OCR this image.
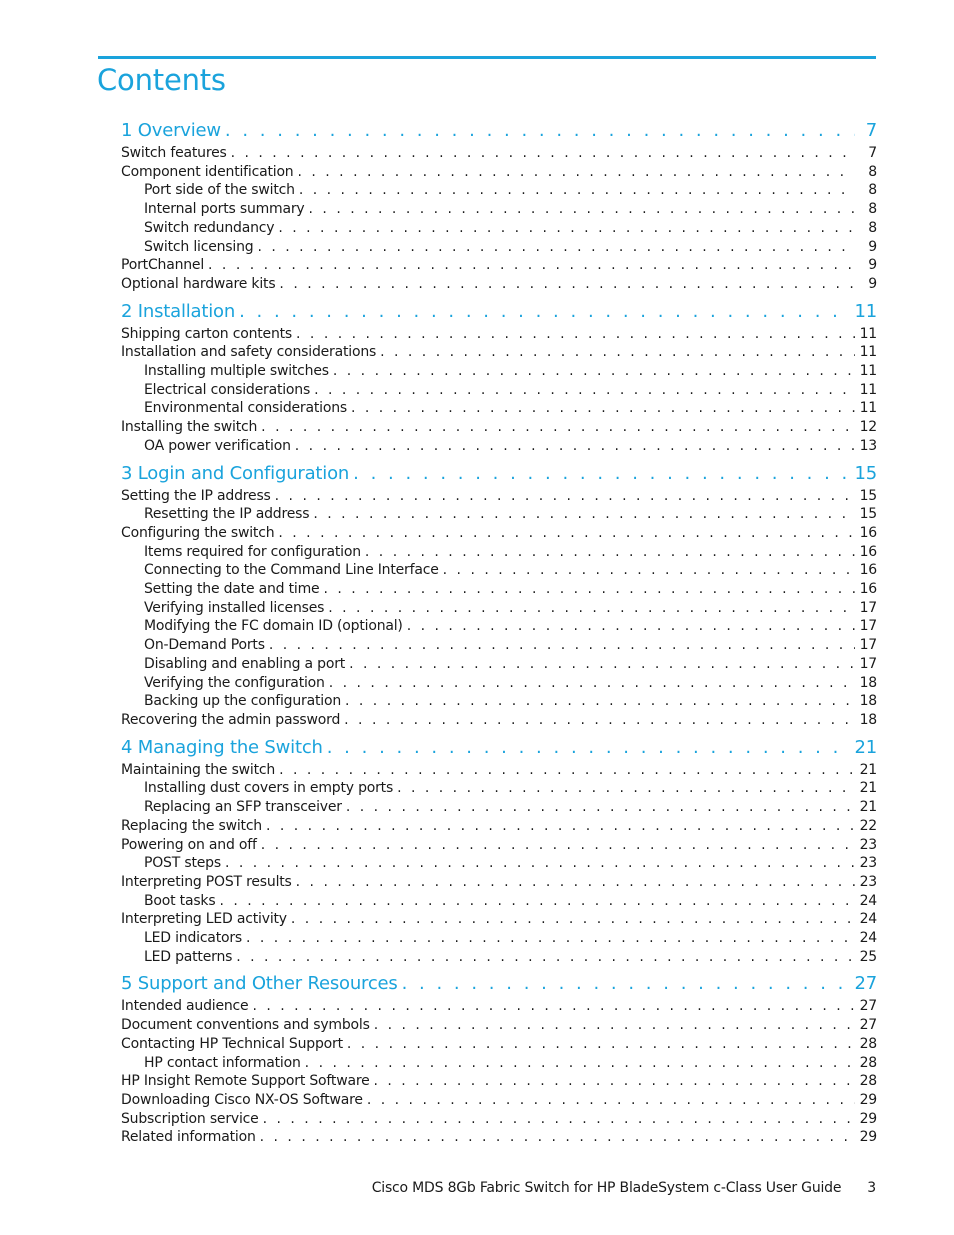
Contents
1 Overview . . .	7
Switch features . . .	7
Component identification . . .	8
Port side of the switch . . .	8
Internal ports summary . . .	8
Switch redundancy . . .	8
Switch licensing . . .	9
PortChannel . . .	9
Optional hardware kits . . .	9
2 Installation . . .	11
Shipping carton contents . . .	11
Installation and safety considerations . . .	11
Installing multiple switches . . .	11
Electrical considerations . . .	11
Environmental considerations . . .	11
Installing the switch . . .	12
OA power verification . . .	13
3 Login and Configuration . . .	15
Setting the IP address . . .	15
Resetting the IP address . . .	15
Configuring the switch . . .	16
Items required for configuration . . .	16
Connecting to the Command Line Interface . . .	16
Setting the date and time . . .	16
Verifying installed licenses . . .	17
Modifying the FC domain ID (optional) . . .	17
On-Demand Ports . . .	17
Disabling and enabling a port . . .	17
Verifying the configuration . . .	18
Backing up the configuration . . .	18
Recovering the admin password . . .	18
4 Managing the Switch . . .	21
Maintaining the switch . . .	21
Installing dust covers in empty ports . . .	21
Replacing an SFP transceiver . . .	21
Replacing the switch . . .	22
Powering on and off . . .	23
POST steps . . .	23
Interpreting POST results . . .	23
Boot tasks . . .	24
Interpreting LED activity . . .	24
LED indicators . . .	24
LED patterns . . .	25
5 Support and Other Resources . . .	27
Intended audience . . .	27
Document conventions and symbols . . .	27
Contacting HP Technical Support . . .	28
HP contact information . . .	28
HP Insight Remote Support Software . . .	28
Downloading Cisco NX-OS Software . . .	29
Subscription service . . .	29
Related information . . .	29
Cisco MDS 8Gb Fabric Switch for HP BladeSystem c-Class User Guide 3
